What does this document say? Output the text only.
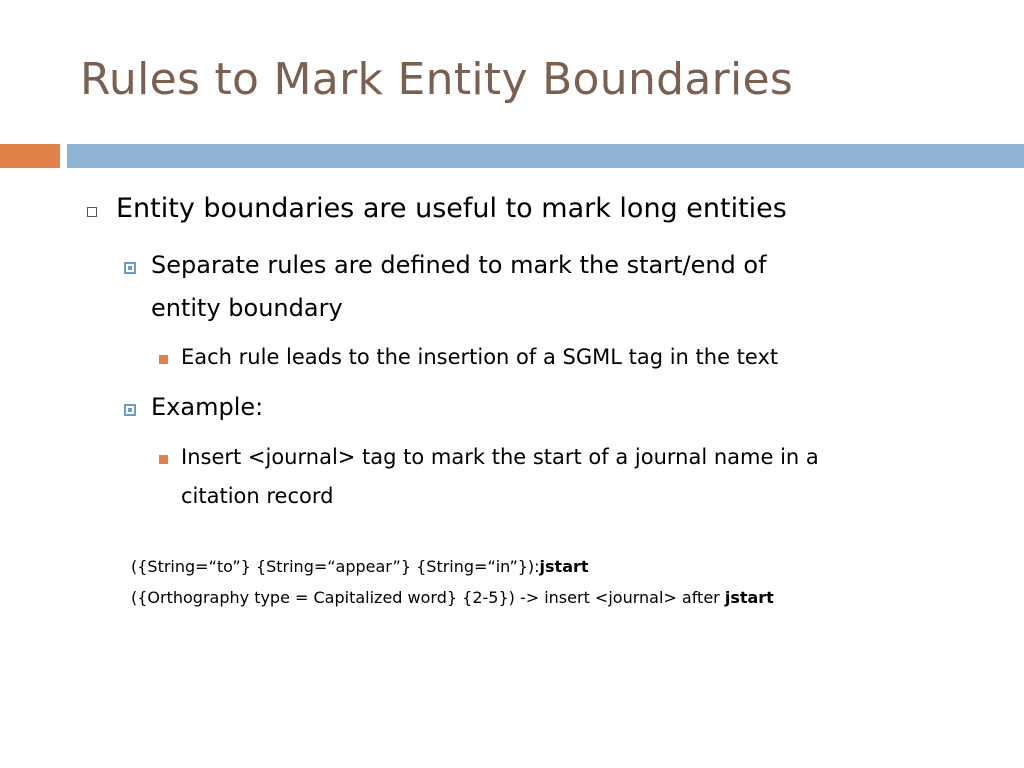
Rules to Mark Entity Boundaries
Entity boundaries are useful to mark long entities
Separate rules are defined to mark the start/end of
entity boundary
Each rule leads to the insertion of a SGML tag in the text
Example:
Insert <journal> tag to mark the start of a journal name in a
citation record
({String=“to”} {String=“appear”} {String=“in”}):jstart
({Orthography type = Capitalized word} {2-5}) -> insert <journal> after jstart
